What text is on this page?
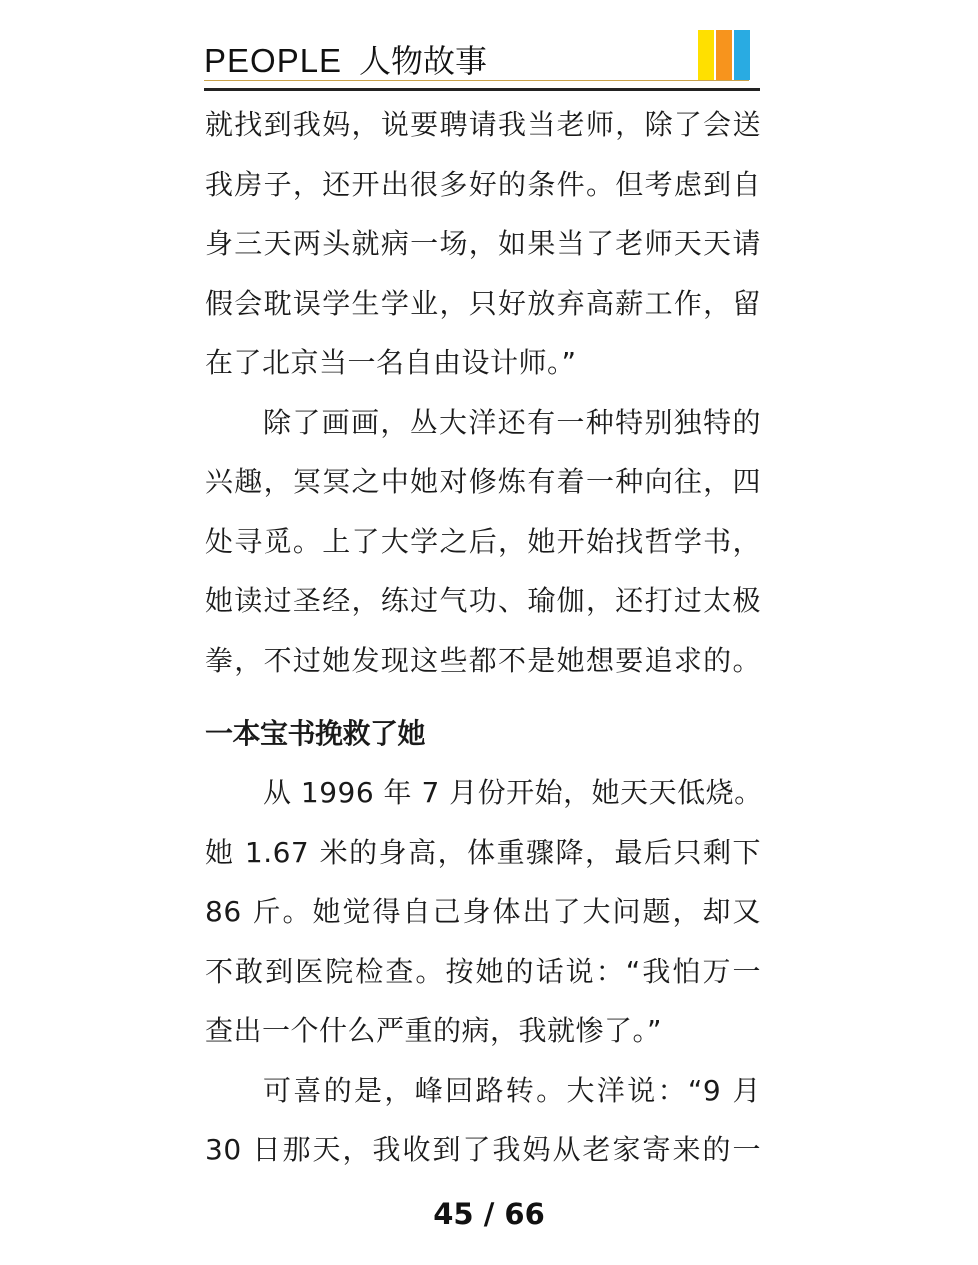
PEOPLE 人物故事
就找到我妈，说要聘请我当老师，除了会送
我房子，还开出很多好的条件。但考虑到自
身三天两头就病一场，如果当了老师天天请
假会耽误学生学业，只好放弃高薪工作，留
在了北京当一名自由设计师。”
除了画画，丛大洋还有一种特别独特的
兴趣，冥冥之中她对修炼有着一种向往，四
处寻觅。上了大学之后，她开始找哲学书，
她读过圣经，练过气功、瑜伽，还打过太极
拳，不过她发现这些都不是她想要追求的。
一本宝书挽救了她
从 1996 年 7 月份开始，她天天低烧。
她 1.67 米的身高，体重骤降，最后只剩下
86 斤。她觉得自己身体出了大问题，却又
不敢到医院检查。按她的话说：“我怕万一
查出一个什么严重的病，我就惨了。”
可喜的是，峰回路转。大洋说：“9 月
30 日那天，我收到了我妈从老家寄来的一
45 / 66
